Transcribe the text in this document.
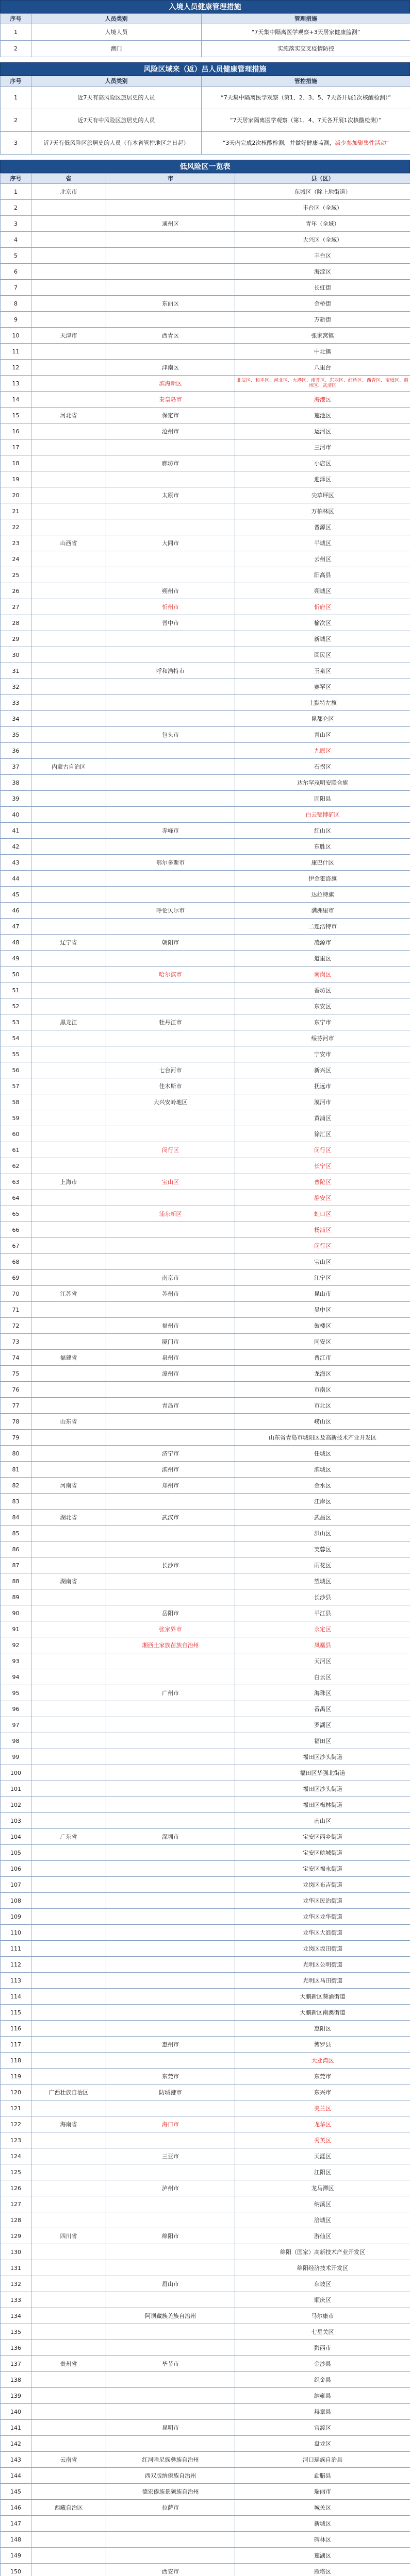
入境人员健康管理措施
序号	人员类别	管理措施
1	入境人员	“7天集中隔离医学观察+3天居家健康监测”
2	澳门	实施落实交叉疫情防控
风险区域来（返）吕人员健康管理措施
序号	人员类别	管控措施
1	近7天有高风险区旅居史的人员	“7天集中隔离医学观察（第1、2、3、5、7天各开展1次核酸检测）”
2	近7天有中风险区旅居史的人员	“7天居家隔离医学观察（第1、4、7天各开展1次核酸检测）”
3	近7天有低风险区旅居史的人员（有本省管控地区之日起）	“3天内完成2次核酸检测，并做好健康监测，减少参加聚集性活动”
低风险区一览表
序号	省	市	县（区）
1	北京市		东城区（除上地街道）
2			丰台区（全域）
3		通州区	青年（全域）
4			大兴区（全域）
5			丰台区
6			海淀区
7			长虹街
8		东丽区	金桥街
9			万新街
10	天津市	西青区	张家窝镇
11			中北镇
12		津南区	八里台
13		滨海新区	北辰区、和平区、河北区、大港区、南开区、东丽区、红桥区、西青区、宝坻区、蓟州区、武清区
14		秦皇岛市	海港区
15	河北省	保定市	莲池区
16		沧州市	运河区
17			三河市
18		廊坊市	小店区
19			迎泽区
20		太原市	尖草坪区
21			万柏林区
22			晋源区
23	山西省	大同市	平城区
24			云州区
25			阳高县
26		朔州市	朔城区
27		忻州市	忻府区
28		晋中市	榆次区
29			新城区
30			回民区
31		呼和浩特市	玉泉区
32			赛罕区
33			土默特左旗
34			昆都仑区
35		包头市	青山区
36			九原区
37	内蒙古自治区		石拐区
38			达尔罕茂明安联合旗
39			固阳县
40			白云鄂博矿区
41		赤峰市	红山区
42			东胜区
43		鄂尔多斯市	康巴什区
44			伊金霍洛旗
45			达拉特旗
46		呼伦贝尔市	满洲里市
47			二连浩特市
48	辽宁省	朝阳市	凌源市
49			道里区
50		哈尔滨市	南岗区
51			香坊区
52			东安区
53	黑龙江	牡丹江市	东宁市
54			绥芬河市
55			宁安市
56		七台河市	新兴区
57		佳木斯市	抚远市
58		大兴安岭地区	漠河市
59			黄浦区
60			徐汇区
61		闵行区	闵行区
62			长宁区
63	上海市	宝山区	普陀区
64			静安区
65		浦东新区	虹口区
66			杨浦区
67			闵行区
68			宝山区
69		南京市	江宁区
70	江苏省	苏州市	昆山市
71			吴中区
72		福州市	鼓楼区
73		厦门市	同安区
74	福建省	泉州市	晋江市
75		漳州市	龙海区
76			市南区
77		青岛市	市北区
78	山东省		崂山区
79			山东省青岛市城阳区及高新技术产业开发区
80		济宁市	任城区
81		滨州市	滨城区
82	河南省	郑州市	金水区
83			江岸区
84	湖北省	武汉市	武昌区
85			洪山区
86			芙蓉区
87		长沙市	雨花区
88	湖南省		望城区
89			长沙县
90		岳阳市	平江县
91		张家界市	永定区
92		湘西土家族苗族自治州	凤凰县
93			天河区
94			白云区
95		广州市	海珠区
96			番禺区
97			罗湖区
98			福田区
99			福田区沙头街道
100			福田区华强北街道
101			福田区沙头街道
102			福田区梅林街道
103			南山区
104	广东省	深圳市	宝安区西乡街道
105			宝安区航城街道
106			宝安区福永街道
107			龙岗区布吉街道
108			龙华区民治街道
109			龙华区龙华街道
110			龙华区大浪街道
111			龙岗区坂田街道
112			光明区公明街道
113			光明区马田街道
114			大鹏新区葵涌街道
115			大鹏新区南澳街道
116			惠阳区
117		惠州市	博罗县
118			大亚湾区
119		东莞市	东莞市
120	广西壮族自治区	防城港市	东兴市
121			美兰区
122	海南省	海口市	龙华区
123			秀英区
124		三亚市	天涯区
125			江阳区
126		泸州市	龙马潭区
127			纳溪区
128			涪城区
129	四川省	绵阳市	游仙区
130			绵阳（国家）高新技术产业开发区
131			绵阳经济技术开发区
132		眉山市	东坡区
133			顺庆区
134		阿坝藏族羌族自治州	马尔康市
135			七星关区
136			黔西市
137	贵州省	毕节市	金沙县
138			织金县
139			纳雍县
140			赫章县
141		昆明市	官渡区
142			盘龙区
143	云南省	红河哈尼族彝族自治州	河口瑶族自治县
144		西双版纳傣族自治州	勐腊县
145		德宏傣族景颇族自治州	瑞丽市
146	西藏自治区	拉萨市	城关区
147			新城区
148			碑林区
149			莲湖区
150		西安市	雁塔区
